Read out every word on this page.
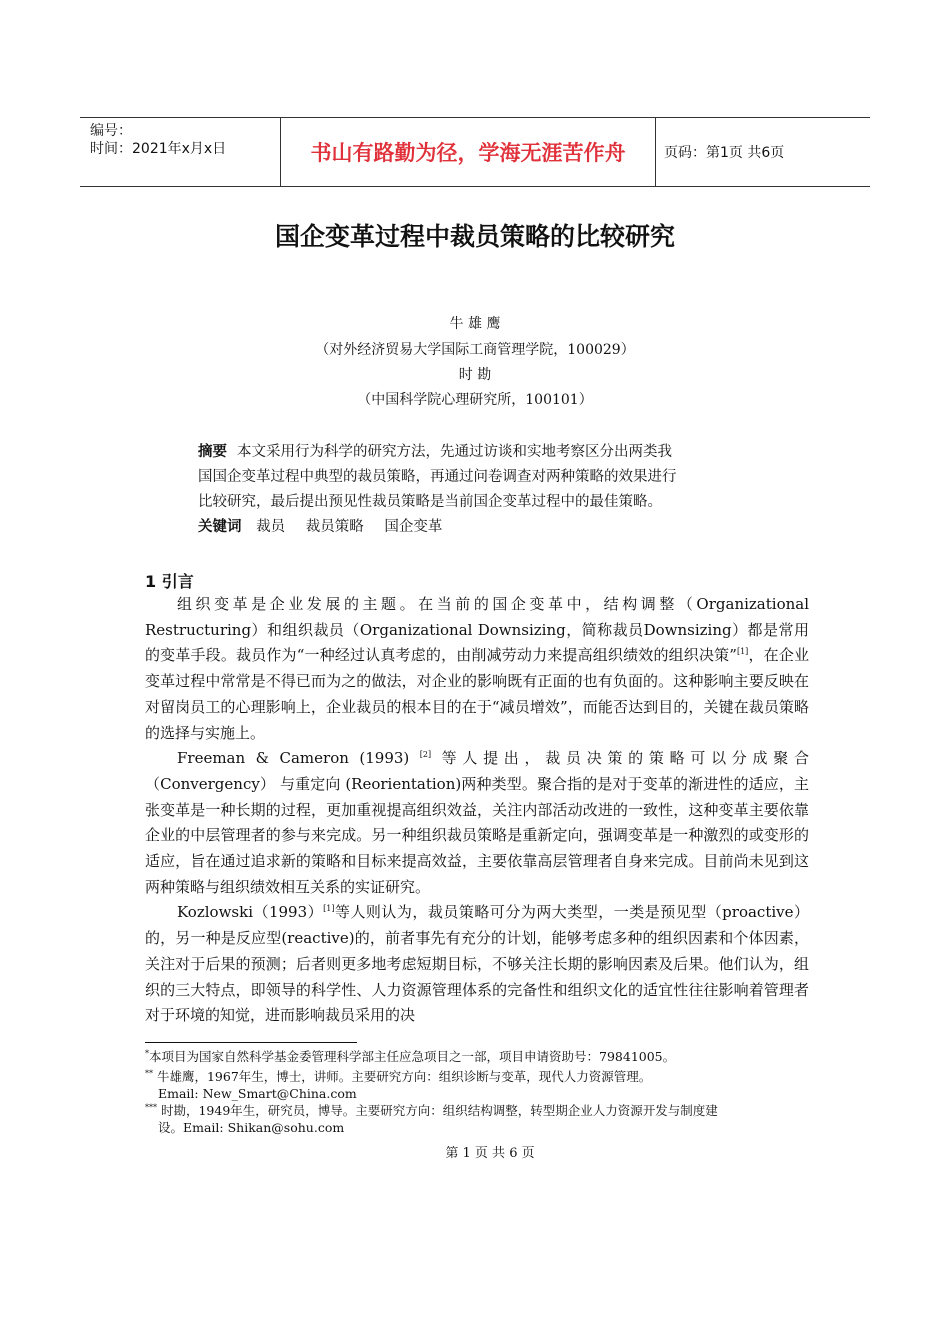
编号：
时间：2021年x月x日	书山有路勤为径，学海无涯苦作舟	页码：第1页 共6页
国企变革过程中裁员策略的比较研究
牛 雄 鹰
（对外经济贸易大学国际工商管理学院，100029）
时 勘
（中国科学院心理研究所，100101）
摘要 本文采用行为科学的研究方法，先通过访谈和实地考察区分出两类我
国国企变革过程中典型的裁员策略，再通过问卷调查对两种策略的效果进行
比较研究，最后提出预见性裁员策略是当前国企变革过程中的最佳策略。
关键词 裁员 裁员策略 国企变革
1 引言

组织变革是企业发展的主题。在当前的国企变革中，结构调整（Organizational Restructuring）和组织裁员（Organizational Downsizing，简称裁员Downsizing）都是常用的变革手段。裁员作为“一种经过认真考虑的，由削减劳动力来提高组织绩效的组织决策”[1]，在企业变革过程中常常是不得已而为之的做法，对企业的影响既有正面的也有负面的。这种影响主要反映在对留岗员工的心理影响上，企业裁员的根本目的在于“减员增效”，而能否达到目的，关键在裁员策略的选择与实施上。

Freeman & Cameron (1993) [2] 等人提出，裁员决策的策略可以分成聚合（Convergency） 与重定向 (Reorientation)两种类型。聚合指的是对于变革的渐进性的适应，主张变革是一种长期的过程，更加重视提高组织效益，关注内部活动改进的一致性，这种变革主要依靠企业的中层管理者的参与来完成。另一种组织裁员策略是重新定向，强调变革是一种激烈的或变形的适应，旨在通过追求新的策略和目标来提高效益，主要依靠高层管理者自身来完成。目前尚未见到这两种策略与组织绩效相互关系的实证研究。

Kozlowski（1993）[1]等人则认为，裁员策略可分为两大类型，一类是预见型（proactive）的，另一种是反应型(reactive)的，前者事先有充分的计划，能够考虑多种的组织因素和个体因素，关注对于后果的预测；后者则更多地考虑短期目标，不够关注长期的影响因素及后果。他们认为，组织的三大特点，即领导的科学性、人力资源管理体系的完备性和组织文化的适宜性往往影响着管理者对于环境的知觉，进而影响裁员采用的决

*本项目为国家自然科学基金委管理科学部主任应急项目之一部，项目申请资助号：79841005。
** 牛雄鹰，1967年生，博士，讲师。主要研究方向：组织诊断与变革，现代人力资源管理。
Email: New_Smart@China.com
*** 时勘，1949年生，研究员，博导。主要研究方向：组织结构调整，转型期企业人力资源开发与制度建
设。Email: Shikan@sohu.com
第 1 页 共 6 页
